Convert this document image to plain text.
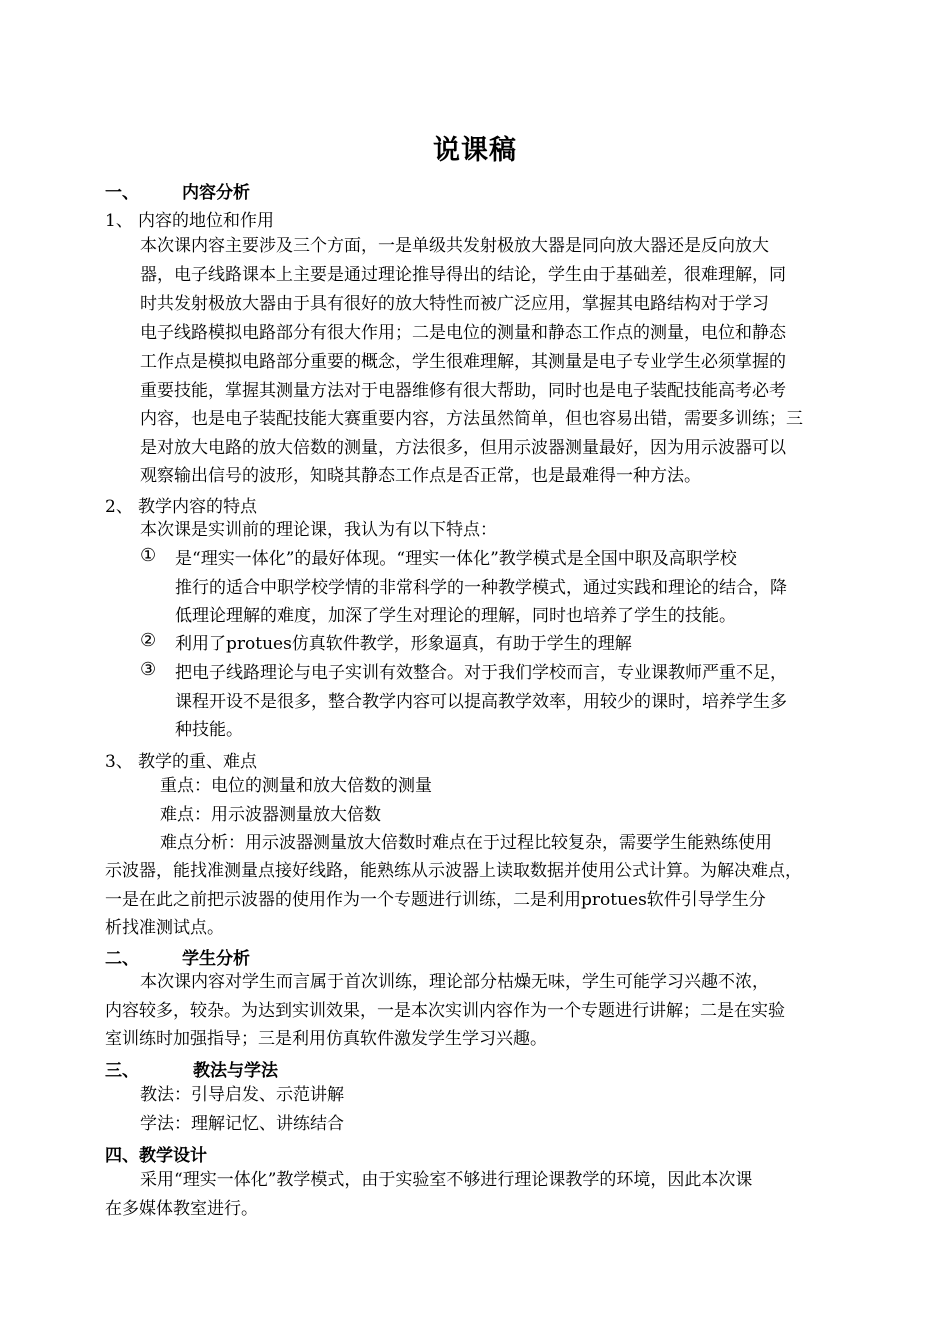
说课稿
一、	内容分析
1、 内容的地位和作用
本次课内容主要涉及三个方面，一是单级共发射极放大器是同向放大器还是反向放大
器，电子线路课本上主要是通过理论推导得出的结论，学生由于基础差，很难理解，同
时共发射极放大器由于具有很好的放大特性而被广泛应用，掌握其电路结构对于学习
电子线路模拟电路部分有很大作用；二是电位的测量和静态工作点的测量，电位和静态
工作点是模拟电路部分重要的概念，学生很难理解，其测量是电子专业学生必须掌握的
重要技能，掌握其测量方法对于电器维修有很大帮助，同时也是电子装配技能高考必考
内容，也是电子装配技能大赛重要内容，方法虽然简单，但也容易出错，需要多训练；三
是对放大电路的放大倍数的测量，方法很多，但用示波器测量最好，因为用示波器可以
观察输出信号的波形，知晓其静态工作点是否正常，也是最难得一种方法。
2、 教学内容的特点
本次课是实训前的理论课，我认为有以下特点：
① 是“理实一体化”的最好体现。“理实一体化”教学模式是全国中职及高职学校
推行的适合中职学校学情的非常科学的一种教学模式，通过实践和理论的结合，降
低理论理解的难度，加深了学生对理论的理解，同时也培养了学生的技能。
② 利用了protues仿真软件教学，形象逼真，有助于学生的理解
③ 把电子线路理论与电子实训有效整合。对于我们学校而言，专业课教师严重不足，
课程开设不是很多，整合教学内容可以提高教学效率，用较少的课时，培养学生多
种技能。
3、 教学的重、难点
重点：电位的测量和放大倍数的测量
难点：用示波器测量放大倍数
难点分析：用示波器测量放大倍数时难点在于过程比较复杂，需要学生能熟练使用
示波器，能找准测量点接好线路，能熟练从示波器上读取数据并使用公式计算。为解决难点，
一是在此之前把示波器的使用作为一个专题进行训练，二是利用protues软件引导学生分
析找准测试点。
二、	学生分析
本次课内容对学生而言属于首次训练，理论部分枯燥无味，学生可能学习兴趣不浓，
内容较多，较杂。为达到实训效果，一是本次实训内容作为一个专题进行讲解；二是在实验
室训练时加强指导；三是利用仿真软件激发学生学习兴趣。
三、	教法与学法
教法：引导启发、示范讲解
学法：理解记忆、讲练结合
四、教学设计
采用“理实一体化”教学模式，由于实验室不够进行理论课教学的环境，因此本次课
在多媒体教室进行。
